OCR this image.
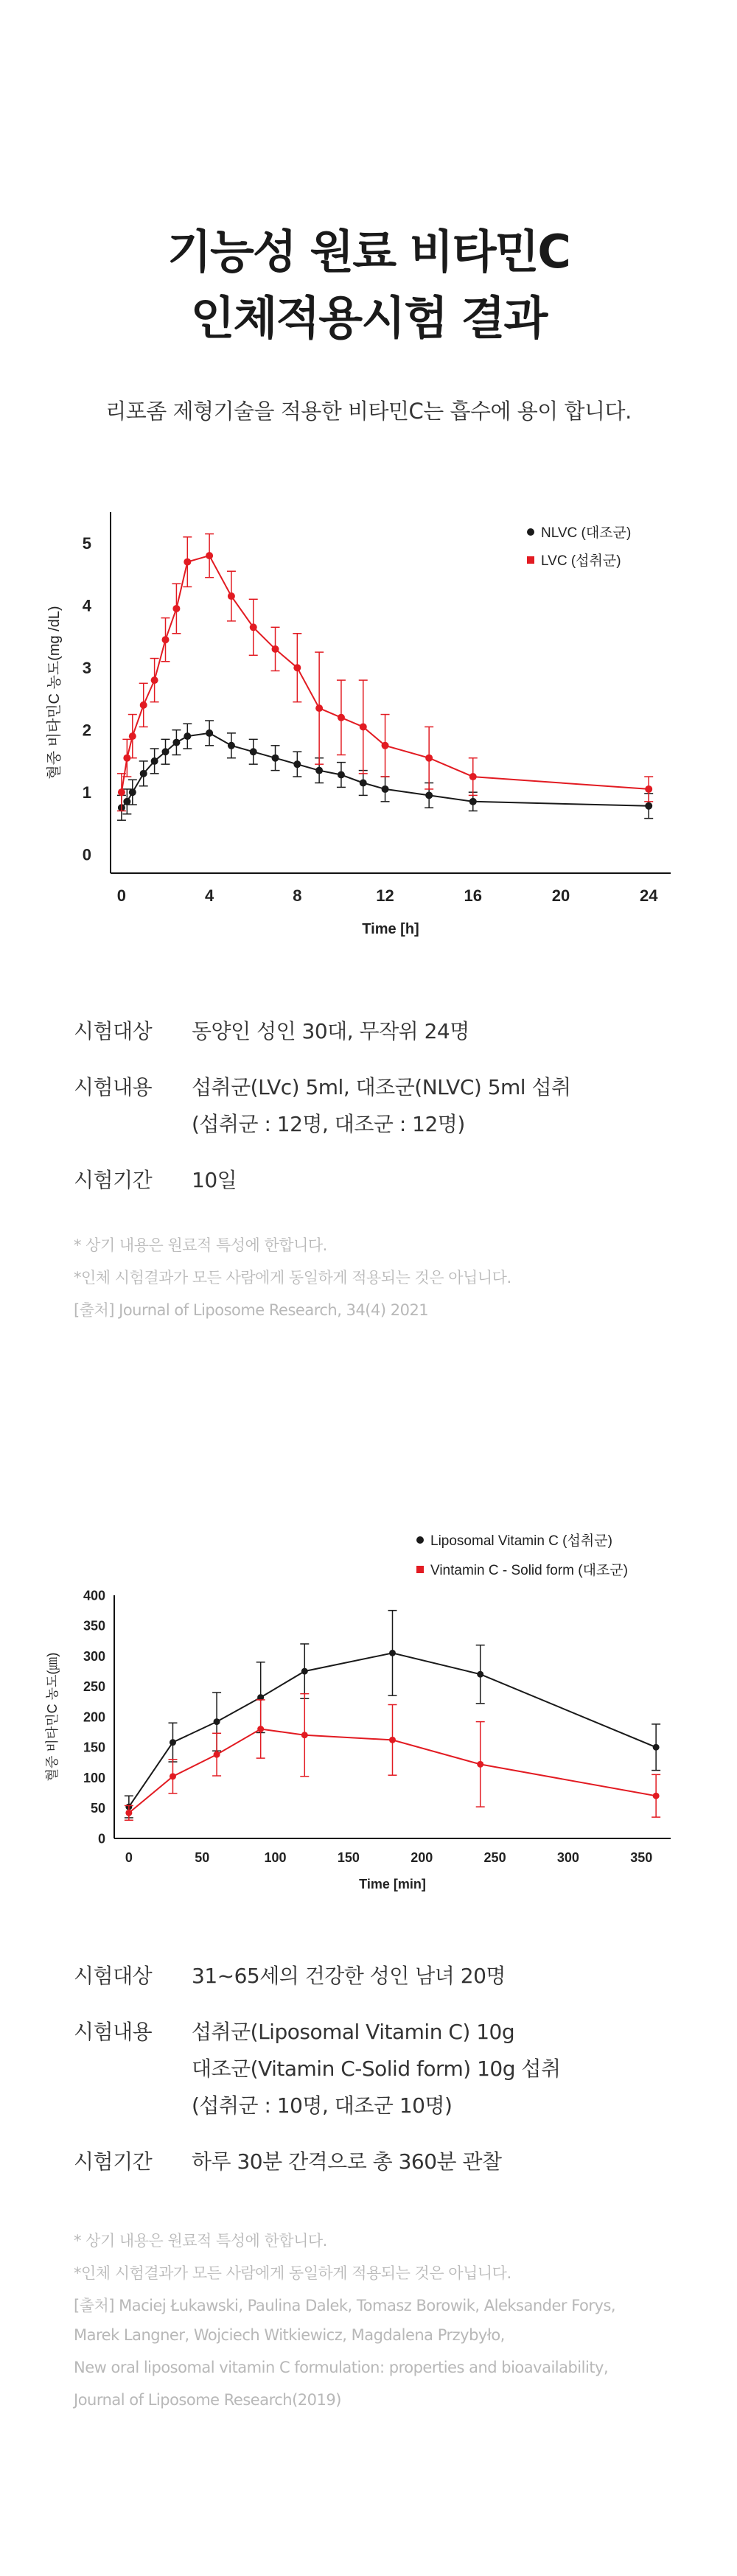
기능성 원료 비타민C
인체적용시험 결과
리포좀 제형기술을 적용한 비타민C는 흡수에 용이 합니다.
0	4	8	12	16	20	24
0
1
2
3
4
5
Time [h]
혈중 비타민C 농도(mg /dL)
NLVC (대조군)
LVC (섭취군)
시험대상 동양인 성인 30대, 무작위 24명
시험내용 섭취군(LVc) 5ml, 대조군(NLVC) 5ml 섭취
(섭취군 : 12명, 대조군 : 12명)
시험기간 10일
* 상기 내용은 원료적 특성에 한합니다.
*인체 시험결과가 모든 사람에게 동일하게 적용되는 것은 아닙니다.
[출처] Journal of Liposome Research, 34(4) 2021
0	50	100	150	200	250	300	350
0
50
100
150
200
250
300
350
400
Time [min]
혈중 비타민C 농도(㎛)
Liposomal Vitamin C (섭취군)
Vintamin C - Solid form (대조군)
시험대상 31~65세의 건강한 성인 남녀 20명
시험내용 섭취군(Liposomal Vitamin C) 10g
대조군(Vitamin C-Solid form) 10g 섭취
(섭취군 : 10명, 대조군 10명)
시험기간 하루 30분 간격으로 총 360분 관찰
* 상기 내용은 원료적 특성에 한합니다.
*인체 시험결과가 모든 사람에게 동일하게 적용되는 것은 아닙니다.
[출처] Maciej Łukawski, Paulina Dalek, Tomasz Borowik, Aleksander Forys,
Marek Langner, Wojciech Witkiewicz, Magdalena Przybyło,
New oral liposomal vitamin C formulation: properties and bioavailability,
Journal of Liposome Research(2019)
